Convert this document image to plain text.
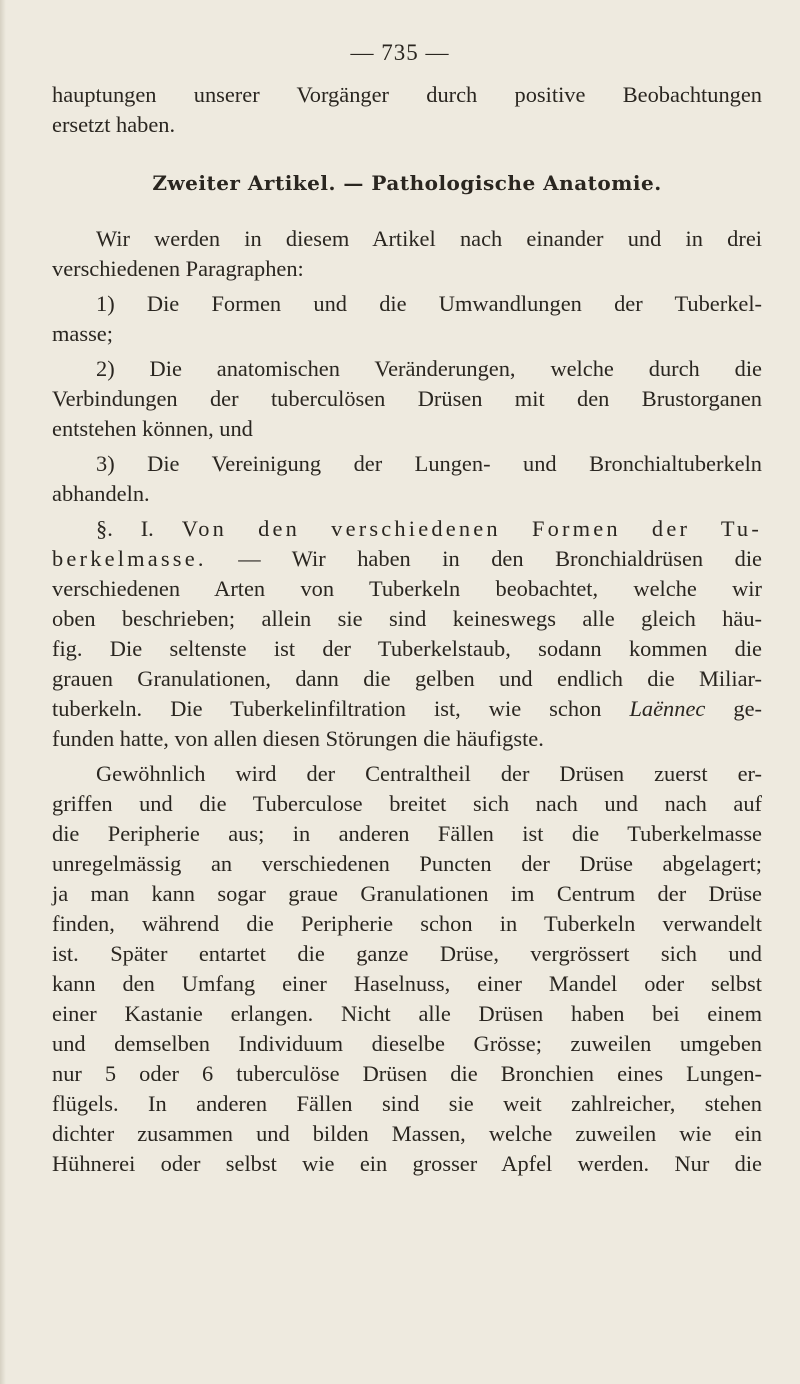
— 735 —
hauptungen unserer Vorgänger durch positive Beobachtungen
ersetzt haben.
Zweiter Artikel. — Pathologische Anatomie.
Wir werden in diesem Artikel nach einander und in drei
verschiedenen Paragraphen:
1) Die Formen und die Umwandlungen der Tuberkel-
masse;
2) Die anatomischen Veränderungen, welche durch die
Verbindungen der tuberculösen Drüsen mit den Brustorganen
entstehen können, und
3) Die Vereinigung der Lungen- und Bronchialtuberkeln
abhandeln.
§. I. Von den verschiedenen Formen der Tu-
berkelmasse. — Wir haben in den Bronchialdrüsen die
verschiedenen Arten von Tuberkeln beobachtet, welche wir
oben beschrieben; allein sie sind keineswegs alle gleich häu-
fig. Die seltenste ist der Tuberkelstaub, sodann kommen die
grauen Granulationen, dann die gelben und endlich die Miliar-
tuberkeln. Die Tuberkelinfiltration ist, wie schon Laënnec ge-
funden hatte, von allen diesen Störungen die häufigste.
Gewöhnlich wird der Centraltheil der Drüsen zuerst er-
griffen und die Tuberculose breitet sich nach und nach auf
die Peripherie aus; in anderen Fällen ist die Tuberkelmasse
unregelmässig an verschiedenen Puncten der Drüse abgelagert;
ja man kann sogar graue Granulationen im Centrum der Drüse
finden, während die Peripherie schon in Tuberkeln verwandelt
ist. Später entartet die ganze Drüse, vergrössert sich und
kann den Umfang einer Haselnuss, einer Mandel oder selbst
einer Kastanie erlangen. Nicht alle Drüsen haben bei einem
und demselben Individuum dieselbe Grösse; zuweilen umgeben
nur 5 oder 6 tuberculöse Drüsen die Bronchien eines Lungen-
flügels. In anderen Fällen sind sie weit zahlreicher, stehen
dichter zusammen und bilden Massen, welche zuweilen wie ein
Hühnerei oder selbst wie ein grosser Apfel werden. Nur die
